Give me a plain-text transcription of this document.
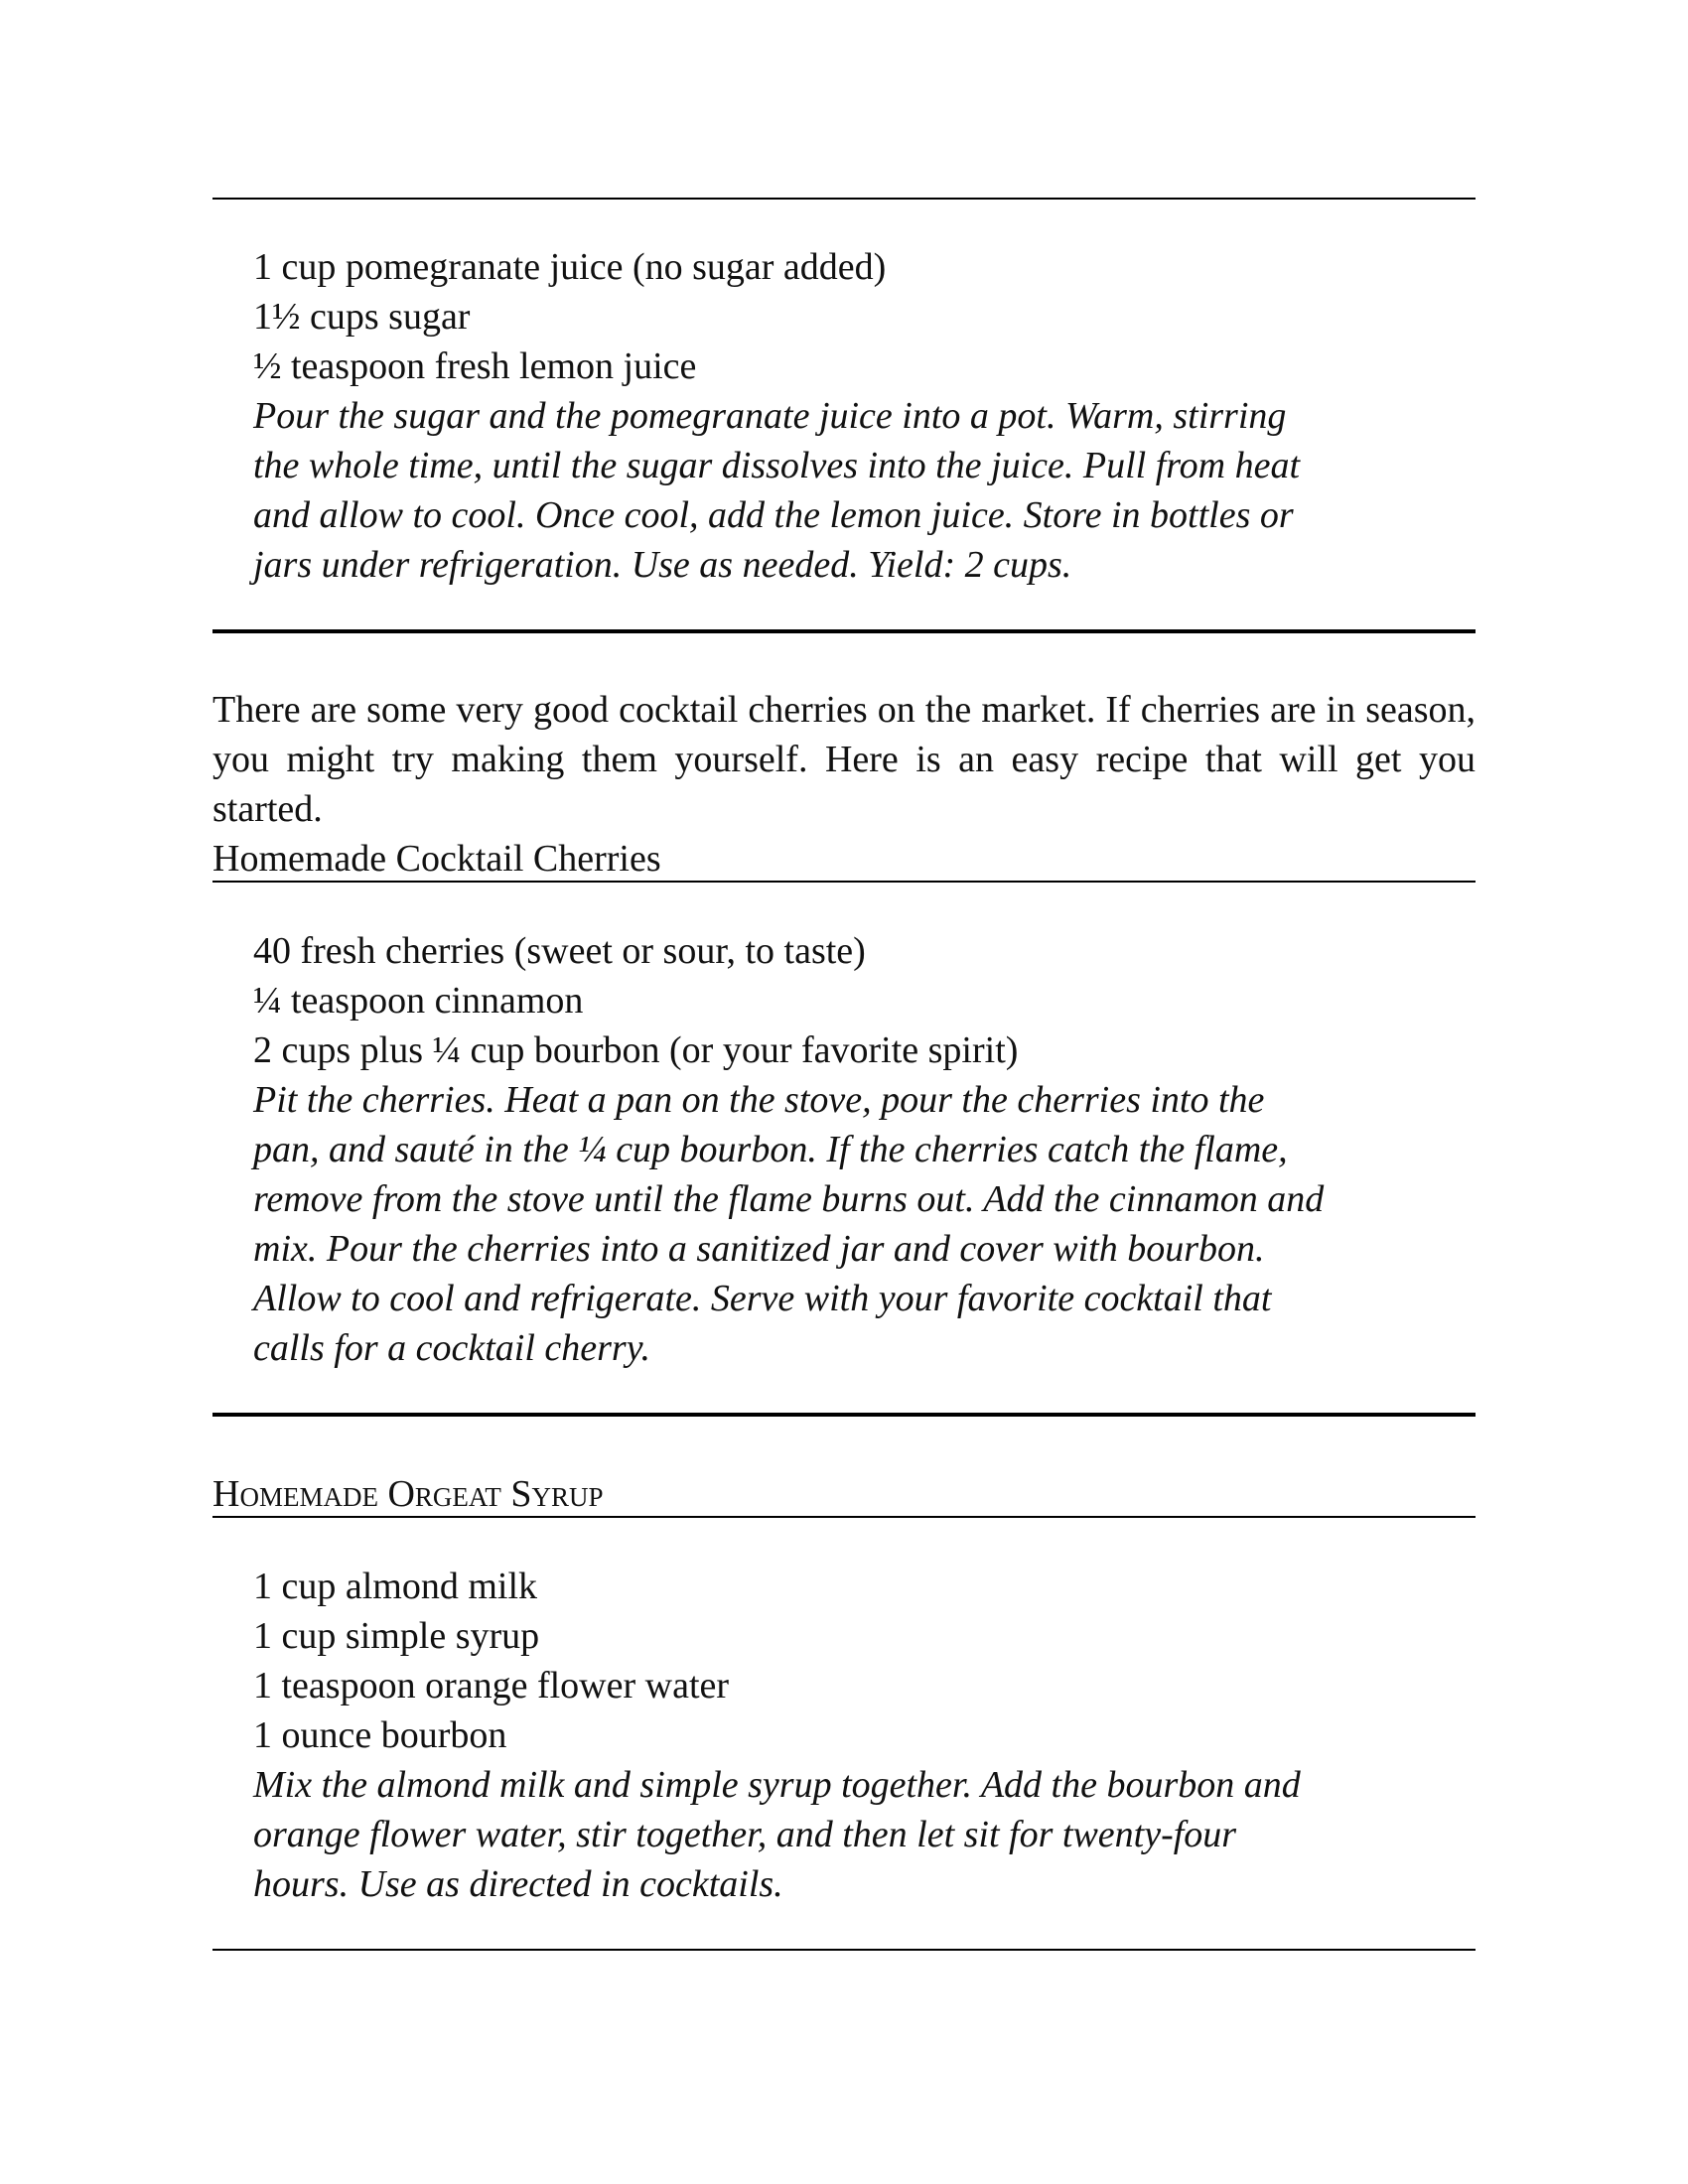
1 cup pomegranate juice (no sugar added)
1½ cups sugar
½ teaspoon fresh lemon juice
Pour the sugar and the pomegranate juice into a pot. Warm, stirring
the whole time, until the sugar dissolves into the juice. Pull from heat
and allow to cool. Once cool, add the lemon juice. Store in bottles or
jars under refrigeration. Use as needed. Yield: 2 cups.
There are some very good cocktail cherries on the market. If cherries are in season, you might try making them yourself. Here is an easy recipe that will get you started.
Homemade Cocktail Cherries
40 fresh cherries (sweet or sour, to taste)
¼ teaspoon cinnamon
2 cups plus ¼ cup bourbon (or your favorite spirit)
Pit the cherries. Heat a pan on the stove, pour the cherries into the
pan, and sauté in the ¼ cup bourbon. If the cherries catch the flame,
remove from the stove until the flame burns out. Add the cinnamon and
mix. Pour the cherries into a sanitized jar and cover with bourbon.
Allow to cool and refrigerate. Serve with your favorite cocktail that
calls for a cocktail cherry.
Homemade Orgeat Syrup
1 cup almond milk
1 cup simple syrup
1 teaspoon orange flower water
1 ounce bourbon
Mix the almond milk and simple syrup together. Add the bourbon and
orange flower water, stir together, and then let sit for twenty-four
hours. Use as directed in cocktails.
